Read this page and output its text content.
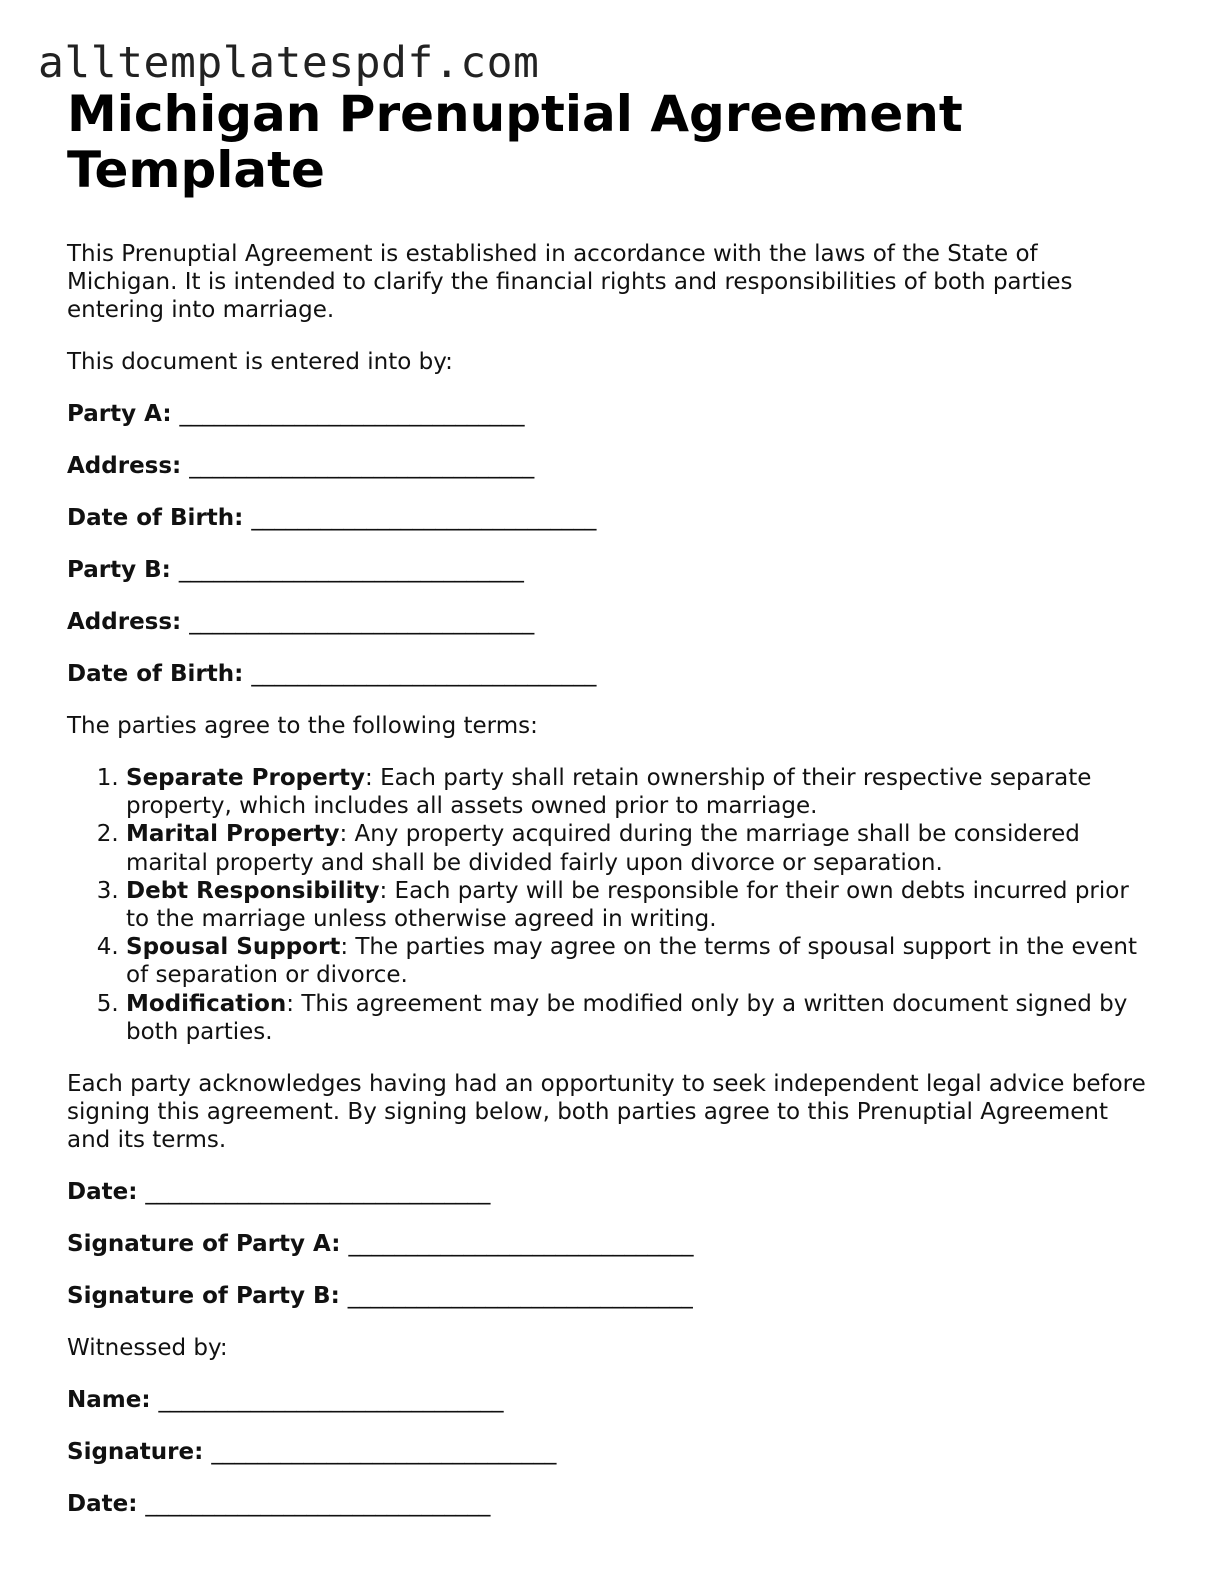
alltemplatespdf.com
Michigan Prenuptial Agreement Template

This Prenuptial Agreement is established in accordance with the laws of the State of Michigan. It is intended to clarify the financial rights and responsibilities of both parties entering into marriage.

This document is entered into by:

Party A: ______________________________
Address: ______________________________
Date of Birth: ______________________________
Party B: ______________________________
Address: ______________________________
Date of Birth: ______________________________

The parties agree to the following terms:

1. Separate Property: Each party shall retain ownership of their respective separate property, which includes all assets owned prior to marriage.
2. Marital Property: Any property acquired during the marriage shall be considered marital property and shall be divided fairly upon divorce or separation.
3. Debt Responsibility: Each party will be responsible for their own debts incurred prior to the marriage unless otherwise agreed in writing.
4. Spousal Support: The parties may agree on the terms of spousal support in the event of separation or divorce.
5. Modification: This agreement may be modified only by a written document signed by both parties.

Each party acknowledges having had an opportunity to seek independent legal advice before signing this agreement. By signing below, both parties agree to this Prenuptial Agreement and its terms.

Date: ______________________________
Signature of Party A: ______________________________
Signature of Party B: ______________________________

Witnessed by:

Name: ______________________________
Signature: ______________________________
Date: ______________________________
